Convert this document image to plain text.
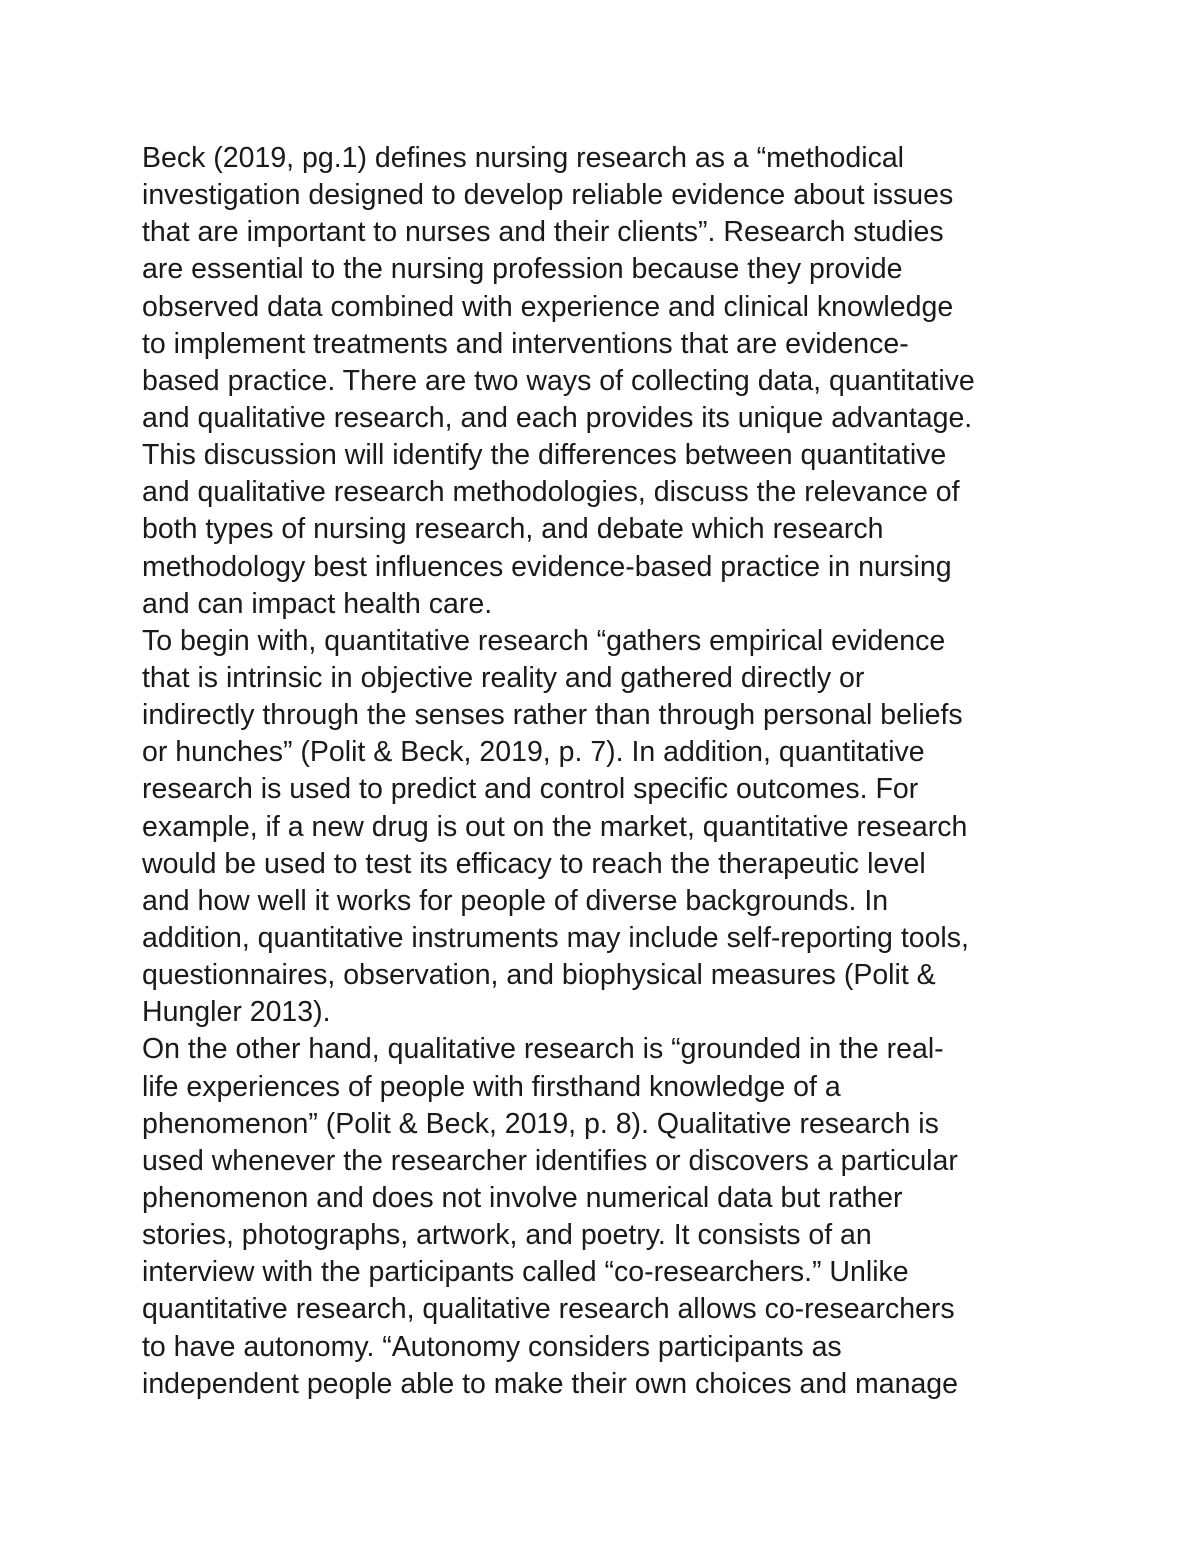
Beck (2019, pg.1) defines nursing research as a “methodical
investigation designed to develop reliable evidence about issues
that are important to nurses and their clients”. Research studies
are essential to the nursing profession because they provide
observed data combined with experience and clinical knowledge
to implement treatments and interventions that are evidence-
based practice. There are two ways of collecting data, quantitative
and qualitative research, and each provides its unique advantage.
This discussion will identify the differences between quantitative
and qualitative research methodologies, discuss the relevance of
both types of nursing research, and debate which research
methodology best influences evidence-based practice in nursing
and can impact health care.
To begin with, quantitative research “gathers empirical evidence
that is intrinsic in objective reality and gathered directly or
indirectly through the senses rather than through personal beliefs
or hunches” (Polit & Beck, 2019, p. 7). In addition, quantitative
research is used to predict and control specific outcomes. For
example, if a new drug is out on the market, quantitative research
would be used to test its efficacy to reach the therapeutic level
and how well it works for people of diverse backgrounds. In
addition, quantitative instruments may include self-reporting tools,
questionnaires, observation, and biophysical measures (Polit &
Hungler 2013).
On the other hand, qualitative research is “grounded in the real-
life experiences of people with firsthand knowledge of a
phenomenon” (Polit & Beck, 2019, p. 8). Qualitative research is
used whenever the researcher identifies or discovers a particular
phenomenon and does not involve numerical data but rather
stories, photographs, artwork, and poetry. It consists of an
interview with the participants called “co-researchers.” Unlike
quantitative research, qualitative research allows co-researchers
to have autonomy. “Autonomy considers participants as
independent people able to make their own choices and manage
